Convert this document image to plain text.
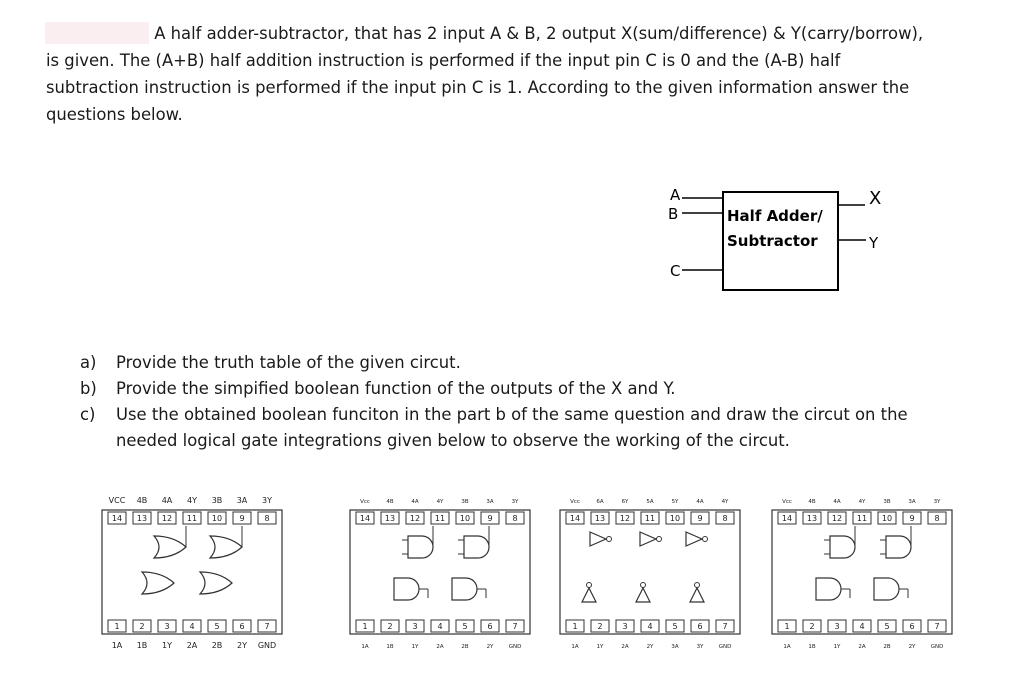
A half adder-subtractor, that has 2 input A & B, 2 output X(sum/difference) & Y(carry/borrow), is given. The (A+B) half addition instruction is performed if the input pin C is 0 and the (A-B) half subtraction instruction is performed if the input pin C is 1. According to the given information answer the questions below.

A
B
C
X
Y
Half Adder/
Subtractor
a)	Provide the truth table of the given circut.
b)	Provide the simpified boolean function of the outputs of the X and Y.
c)	Use the obtained boolean funciton in the part b of the same question and draw the circut on the needed logical gate integrations given below to observe the working of the circut.
VCC 4B 4A 4Y 3B 3A 3Y
14 13 12 11 10 9 8
1 2 3 4 5 6 7
1A 1B 1Y 2A 2B 2Y GND
Vcc	4B	4A	4Y	3B	3A	3Y
14 13 12 11 10 9 8
1 2 3 4 5 6 7
1A	1B	1Y	2A	2B	2Y	GND
Vcc	6A	6Y	5A	5Y	4A	4Y
14 13 12 11 10 9 8
1 2 3 4 5 6 7
1A	1Y	2A	2Y	3A	3Y	GND
Vcc	4B	4A	4Y	3B	3A	3Y
14 13 12 11 10 9 8
1 2 3 4 5 6 7
1A	1B	1Y	2A	2B	2Y	GND
